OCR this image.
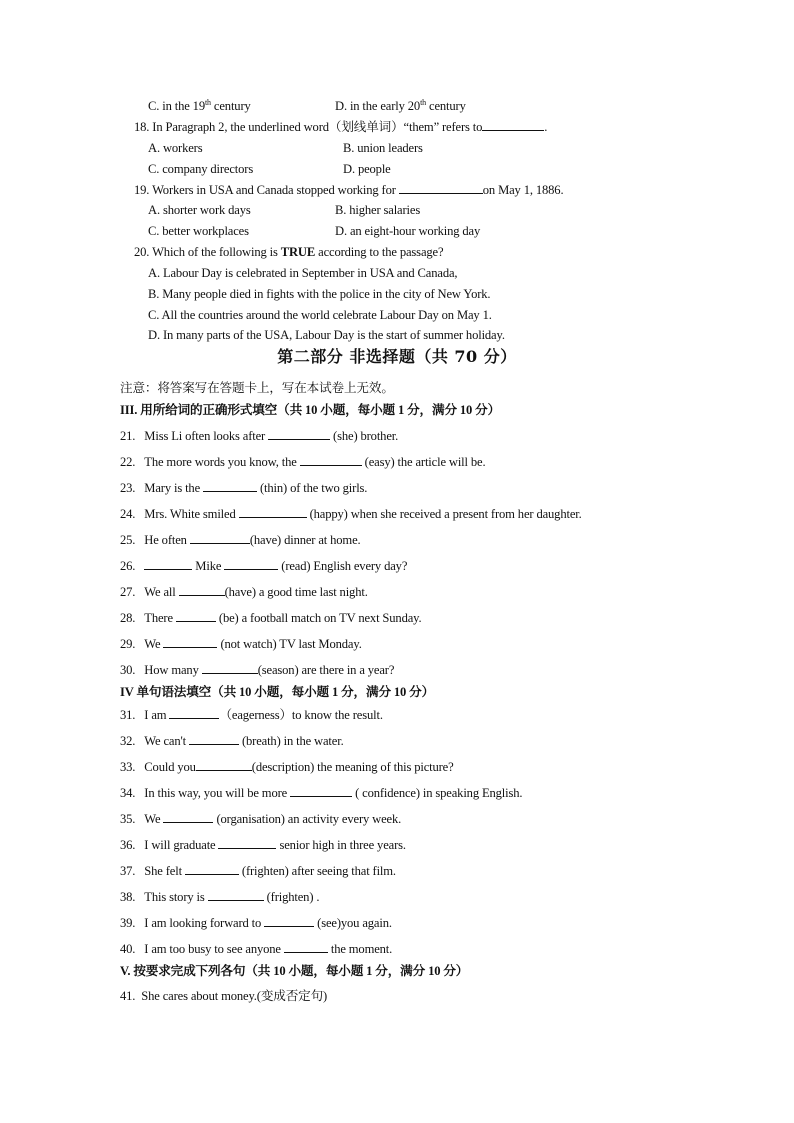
C. in the 19th century	D. in the early 20th century
18. In Paragraph 2, the underlined word（划线单词）“them” refers to	.
A. workers	B. union leaders
C. company directors	D. people
19. Workers in USA and Canada stopped working for	on May 1, 1886.
A. shorter work days	B. higher salaries
C. better workplaces	D. an eight-hour working day
20. Which of the following is TRUE according to the passage?
A. Labour Day is celebrated in September in USA and Canada,
B. Many people died in fights with the police in the city of New York.
C. All the countries around the world celebrate Labour Day on May 1.
D. In many parts of the USA, Labour Day is the start of summer holiday.
第二部分 非选择题（共 70 分）
注意：将答案写在答题卡上，写在本试卷上无效。
III. 用所给词的正确形式填空（共 10 小题，每小题 1 分，满分 10 分）
21. Miss Li often looks after	(she) brother.
22. The more words you know, the	(easy) the article will be.
23. Mary is the	(thin) of the two girls.
24. Mrs. White smiled	(happy) when she received a present from her daughter.
25. He often	(have) dinner at home.
26.	Mike	(read) English every day?
27. We all	(have) a good time last night.
28. There	(be) a football match on TV next Sunday.
29. We	(not watch) TV last Monday.
30. How many	(season) are there in a year?
IV 单句语法填空（共 10 小题，每小题 1 分，满分 10 分）
31. I am	（eagerness）to know the result.
32. We can't	(breath) in the water.
33. Could you	(description) the meaning of this picture?
34. In this way, you will be more	( confidence) in speaking English.
35. We	(organisation) an activity every week.
36. I will graduate	senior high in three years.
37. She felt	(frighten) after seeing that film.
38. This story is	(frighten) .
39. I am looking forward to	(see)you again.
40. I am too busy to see anyone	the moment.
V. 按要求完成下列各句（共 10 小题，每小题 1 分，满分 10 分）
41. She cares about money.(变成否定句)
